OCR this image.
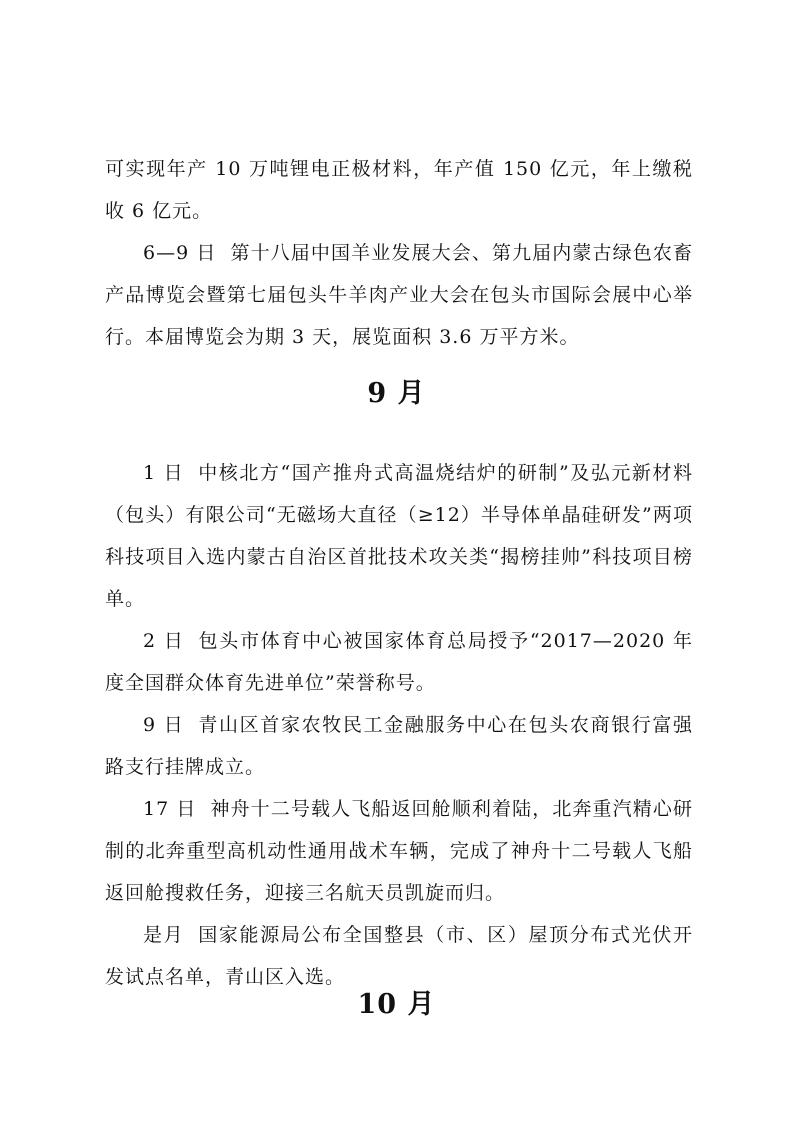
可实现年产 10 万吨锂电正极材料，年产值 150 亿元，年上缴税收 6 亿元。

6—9 日 第十八届中国羊业发展大会、第九届内蒙古绿色农畜产品博览会暨第七届包头牛羊肉产业大会在包头市国际会展中心举行。本届博览会为期 3 天，展览面积 3.6 万平方米。

9 月

1 日 中核北方“国产推舟式高温烧结炉的研制”及弘元新材料（包头）有限公司“无磁场大直径（≥12）半导体单晶硅研发”两项科技项目入选内蒙古自治区首批技术攻关类“揭榜挂帅”科技项目榜单。

2 日 包头市体育中心被国家体育总局授予“2017—2020 年度全国群众体育先进单位”荣誉称号。

9 日 青山区首家农牧民工金融服务中心在包头农商银行富强路支行挂牌成立。

17 日 神舟十二号载人飞船返回舱顺利着陆，北奔重汽精心研制的北奔重型高机动性通用战术车辆，完成了神舟十二号载人飞船返回舱搜救任务，迎接三名航天员凯旋而归。

是月 国家能源局公布全国整县（市、区）屋顶分布式光伏开发试点名单，青山区入选。

10 月
